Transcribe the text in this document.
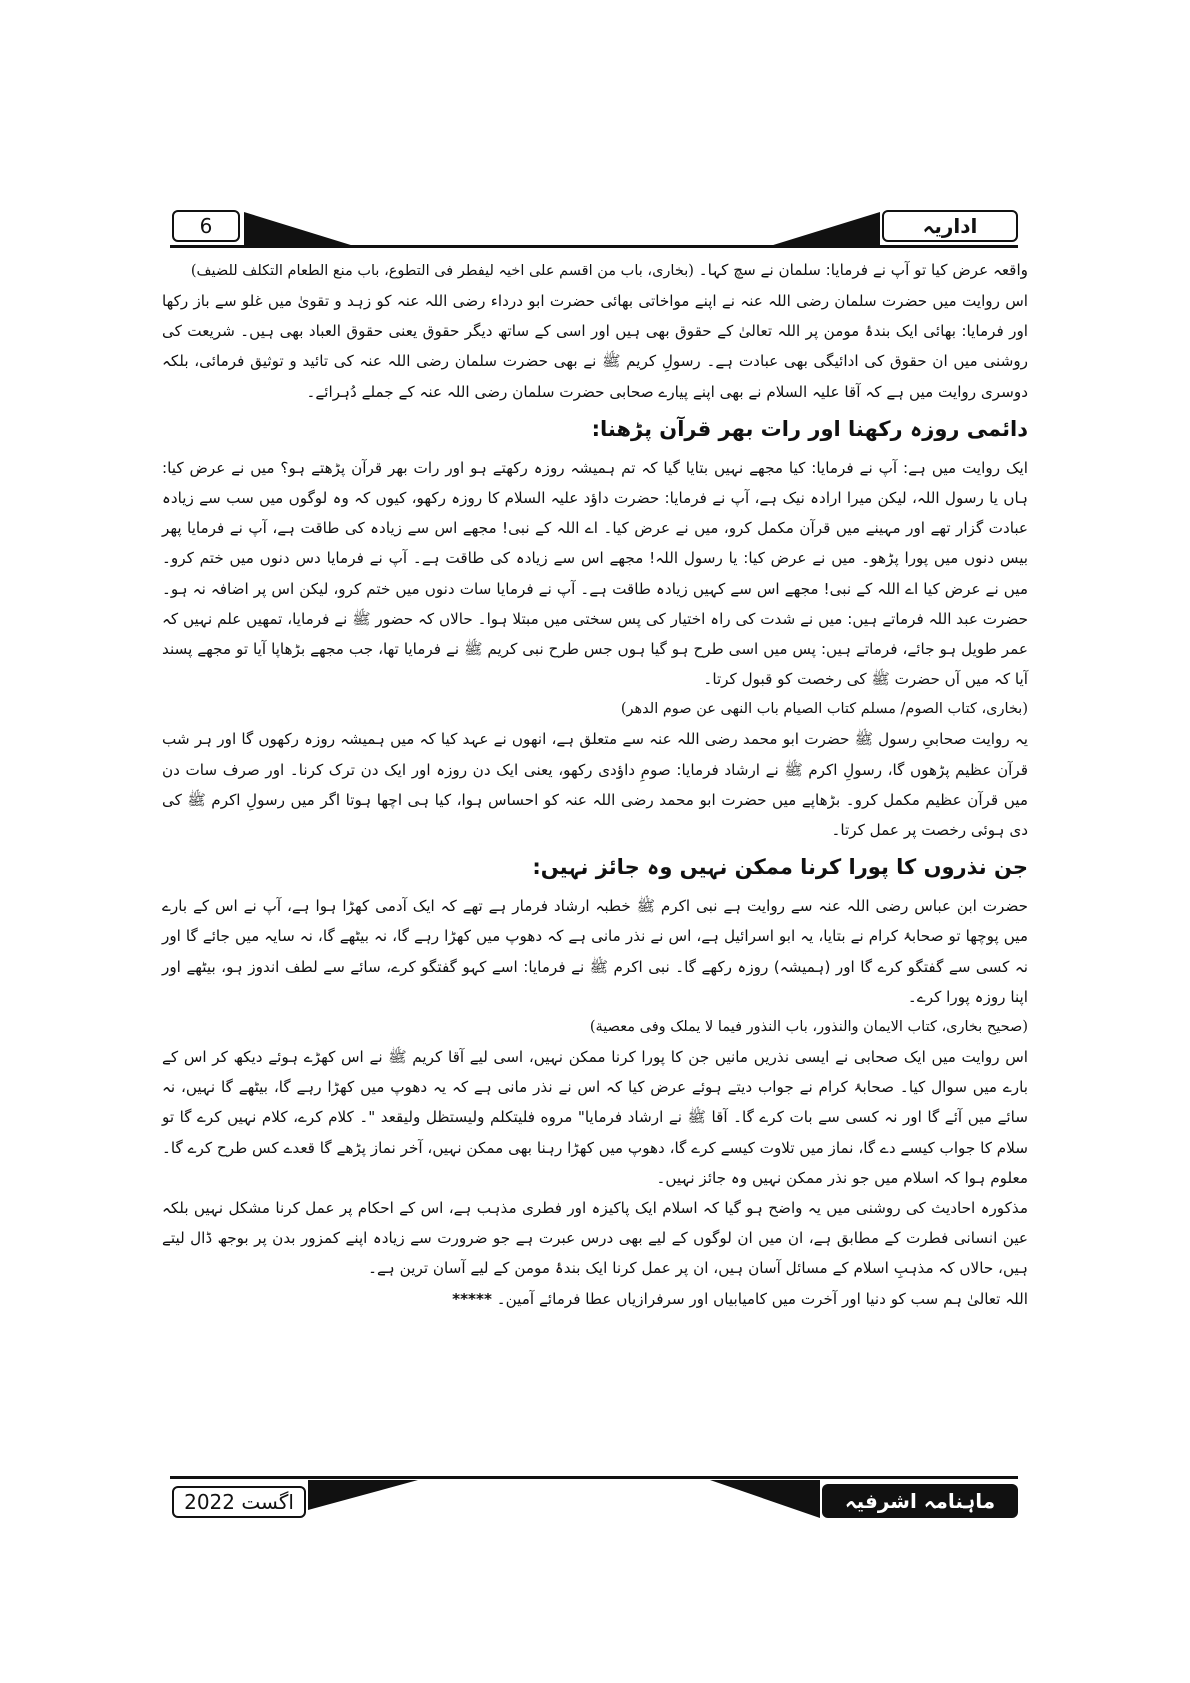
اداریہ
6

واقعہ عرض کیا تو آپ نے فرمایا: سلمان نے سچ کہا۔ (بخاری، باب من اقسم علی اخیہ لیفطر فی التطوع، باب منع الطعام التکلف للضیف)

اس روایت میں حضرت سلمان رضی اللہ عنہ نے اپنے مواخاتی بھائی حضرت ابو درداء رضی اللہ عنہ کو زہد و تقویٰ میں غلو سے باز رکھا اور فرمایا: بھائی ایک بندۂ مومن پر اللہ تعالیٰ کے حقوق بھی ہیں اور اسی کے ساتھ دیگر حقوق یعنی حقوق العباد بھی ہیں۔ شریعت کی روشنی میں ان حقوق کی ادائیگی بھی عبادت ہے۔ رسولِ کریم ﷺ نے بھی حضرت سلمان رضی اللہ عنہ کی تائید و توثیق فرمائی، بلکہ دوسری روایت میں ہے کہ آقا علیہ السلام نے بھی اپنے پیارے صحابی حضرت سلمان رضی اللہ عنہ کے جملے دُہرائے۔

دائمی روزہ رکھنا اور رات بھر قرآن پڑھنا:

ایک روایت میں ہے: آپ نے فرمایا: کیا مجھے نہیں بتایا گیا کہ تم ہمیشہ روزہ رکھتے ہو اور رات بھر قرآن پڑھتے ہو؟ میں نے عرض کیا: ہاں یا رسول اللہ، لیکن میرا ارادہ نیک ہے، آپ نے فرمایا: حضرت داؤد علیہ السلام کا روزہ رکھو، کیوں کہ وہ لوگوں میں سب سے زیادہ عبادت گزار تھے اور مہینے میں قرآن مکمل کرو، میں نے عرض کیا۔ اے اللہ کے نبی! مجھے اس سے زیادہ کی طاقت ہے، آپ نے فرمایا پھر بیس دنوں میں پورا پڑھو۔ میں نے عرض کیا: یا رسول اللہ! مجھے اس سے زیادہ کی طاقت ہے۔ آپ نے فرمایا دس دنوں میں ختم کرو۔ میں نے عرض کیا اے اللہ کے نبی! مجھے اس سے کہیں زیادہ طاقت ہے۔ آپ نے فرمایا سات دنوں میں ختم کرو، لیکن اس پر اضافہ نہ ہو۔ حضرت عبد اللہ فرماتے ہیں: میں نے شدت کی راہ اختیار کی پس سختی میں مبتلا ہوا۔ حالاں کہ حضور ﷺ نے فرمایا، تمھیں علم نہیں کہ عمر طویل ہو جائے، فرماتے ہیں: پس میں اسی طرح ہو گیا ہوں جس طرح نبی کریم ﷺ نے فرمایا تھا، جب مجھے بڑھاپا آیا تو مجھے پسند آیا کہ میں آں حضرت ﷺ کی رخصت کو قبول کرتا۔

(بخاری، کتاب الصوم/ مسلم کتاب الصیام باب النهی عن صوم الدهر)

یہ روایت صحابیِ رسول ﷺ حضرت ابو محمد رضی اللہ عنہ سے متعلق ہے، انھوں نے عہد کیا کہ میں ہمیشہ روزہ رکھوں گا اور ہر شب قرآن عظیم پڑھوں گا، رسولِ اکرم ﷺ نے ارشاد فرمایا: صومِ داؤدی رکھو، یعنی ایک دن روزہ اور ایک دن ترک کرنا۔ اور صرف سات دن میں قرآن عظیم مکمل کرو۔ بڑھاپے میں حضرت ابو محمد رضی اللہ عنہ کو احساس ہوا، کیا ہی اچھا ہوتا اگر میں رسولِ اکرم ﷺ کی دی ہوئی رخصت پر عمل کرتا۔

جن نذروں کا پورا کرنا ممکن نہیں وہ جائز نہیں:

حضرت ابن عباس رضی اللہ عنہ سے روایت ہے نبی اکرم ﷺ خطبہ ارشاد فرمار ہے تھے کہ ایک آدمی کھڑا ہوا ہے، آپ نے اس کے بارے میں پوچھا تو صحابۂ کرام نے بتایا، یہ ابو اسرائیل ہے، اس نے نذر مانی ہے کہ دھوپ میں کھڑا رہے گا، نہ بیٹھے گا، نہ سایہ میں جائے گا اور نہ کسی سے گفتگو کرے گا اور (ہمیشہ) روزہ رکھے گا۔ نبی اکرم ﷺ نے فرمایا: اسے کہو گفتگو کرے، سائے سے لطف اندوز ہو، بیٹھے اور اپنا روزہ پورا کرے۔

(صحیح بخاری، کتاب الایمان والنذور، باب النذور فیما لا یملک وفی معصیة)

اس روایت میں ایک صحابی نے ایسی نذریں مانیں جن کا پورا کرنا ممکن نہیں، اسی لیے آقا کریم ﷺ نے اس کھڑے ہوئے دیکھ کر اس کے بارے میں سوال کیا۔ صحابۂ کرام نے جواب دیتے ہوئے عرض کیا کہ اس نے نذر مانی ہے کہ یہ دھوپ میں کھڑا رہے گا، بیٹھے گا نہیں، نہ سائے میں آئے گا اور نہ کسی سے بات کرے گا۔ آقا ﷺ نے ارشاد فرمایا" مروه فليتكلم وليستظل وليقعد "۔ کلام کرے، کلام نہیں کرے گا تو سلام کا جواب کیسے دے گا، نماز میں تلاوت کیسے کرے گا، دھوپ میں کھڑا رہنا بھی ممکن نہیں، آخر نماز پڑھے گا قعدے کس طرح کرے گا۔ معلوم ہوا کہ اسلام میں جو نذر ممکن نہیں وہ جائز نہیں۔

مذکورہ احادیث کی روشنی میں یہ واضح ہو گیا کہ اسلام ایک پاکیزہ اور فطری مذہب ہے، اس کے احکام پر عمل کرنا مشکل نہیں بلکہ عین انسانی فطرت کے مطابق ہے، ان میں ان لوگوں کے لیے بھی درس عبرت ہے جو ضرورت سے زیادہ اپنے کمزور بدن پر بوجھ ڈال لیتے ہیں، حالاں کہ مذہبِ اسلام کے مسائل آسان ہیں، ان پر عمل کرنا ایک بندۂ مومن کے لیے آسان ترین ہے۔

اللہ تعالیٰ ہم سب کو دنیا اور آخرت میں کامیابیاں اور سرفرازیاں عطا فرمائے آمین۔ *****

اگست 2022	ماہنامہ اشرفیہ
